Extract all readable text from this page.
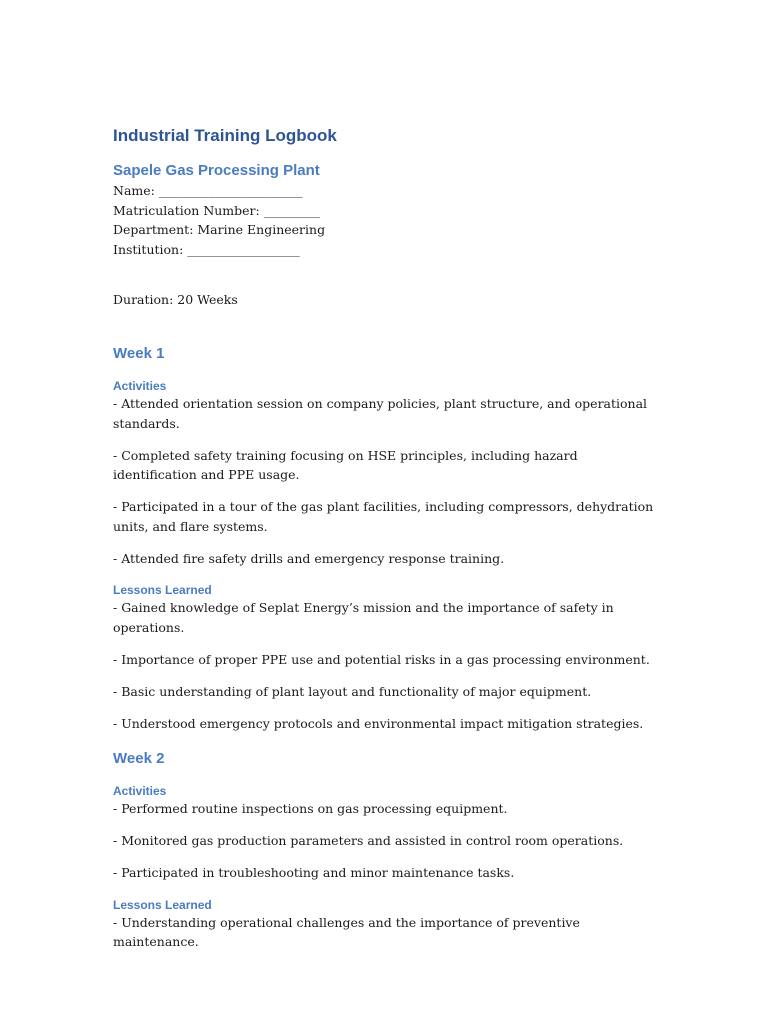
Industrial Training Logbook
Sapele Gas Processing Plant

Name: _______________________

Matriculation Number: _________

Department: Marine Engineering

Institution: __________________

Duration: 20 Weeks

Week 1
Activities

- Attended orientation session on company policies, plant structure, and operational standards.

- Completed safety training focusing on HSE principles, including hazard identification and PPE usage.

- Participated in a tour of the gas plant facilities, including compressors, dehydration units, and flare systems.

- Attended fire safety drills and emergency response training.

Lessons Learned

- Gained knowledge of Seplat Energy’s mission and the importance of safety in operations.

- Importance of proper PPE use and potential risks in a gas processing environment.

- Basic understanding of plant layout and functionality of major equipment.

- Understood emergency protocols and environmental impact mitigation strategies.

Week 2
Activities

- Performed routine inspections on gas processing equipment.

- Monitored gas production parameters and assisted in control room operations.

- Participated in troubleshooting and minor maintenance tasks.

Lessons Learned

- Understanding operational challenges and the importance of preventive maintenance.
